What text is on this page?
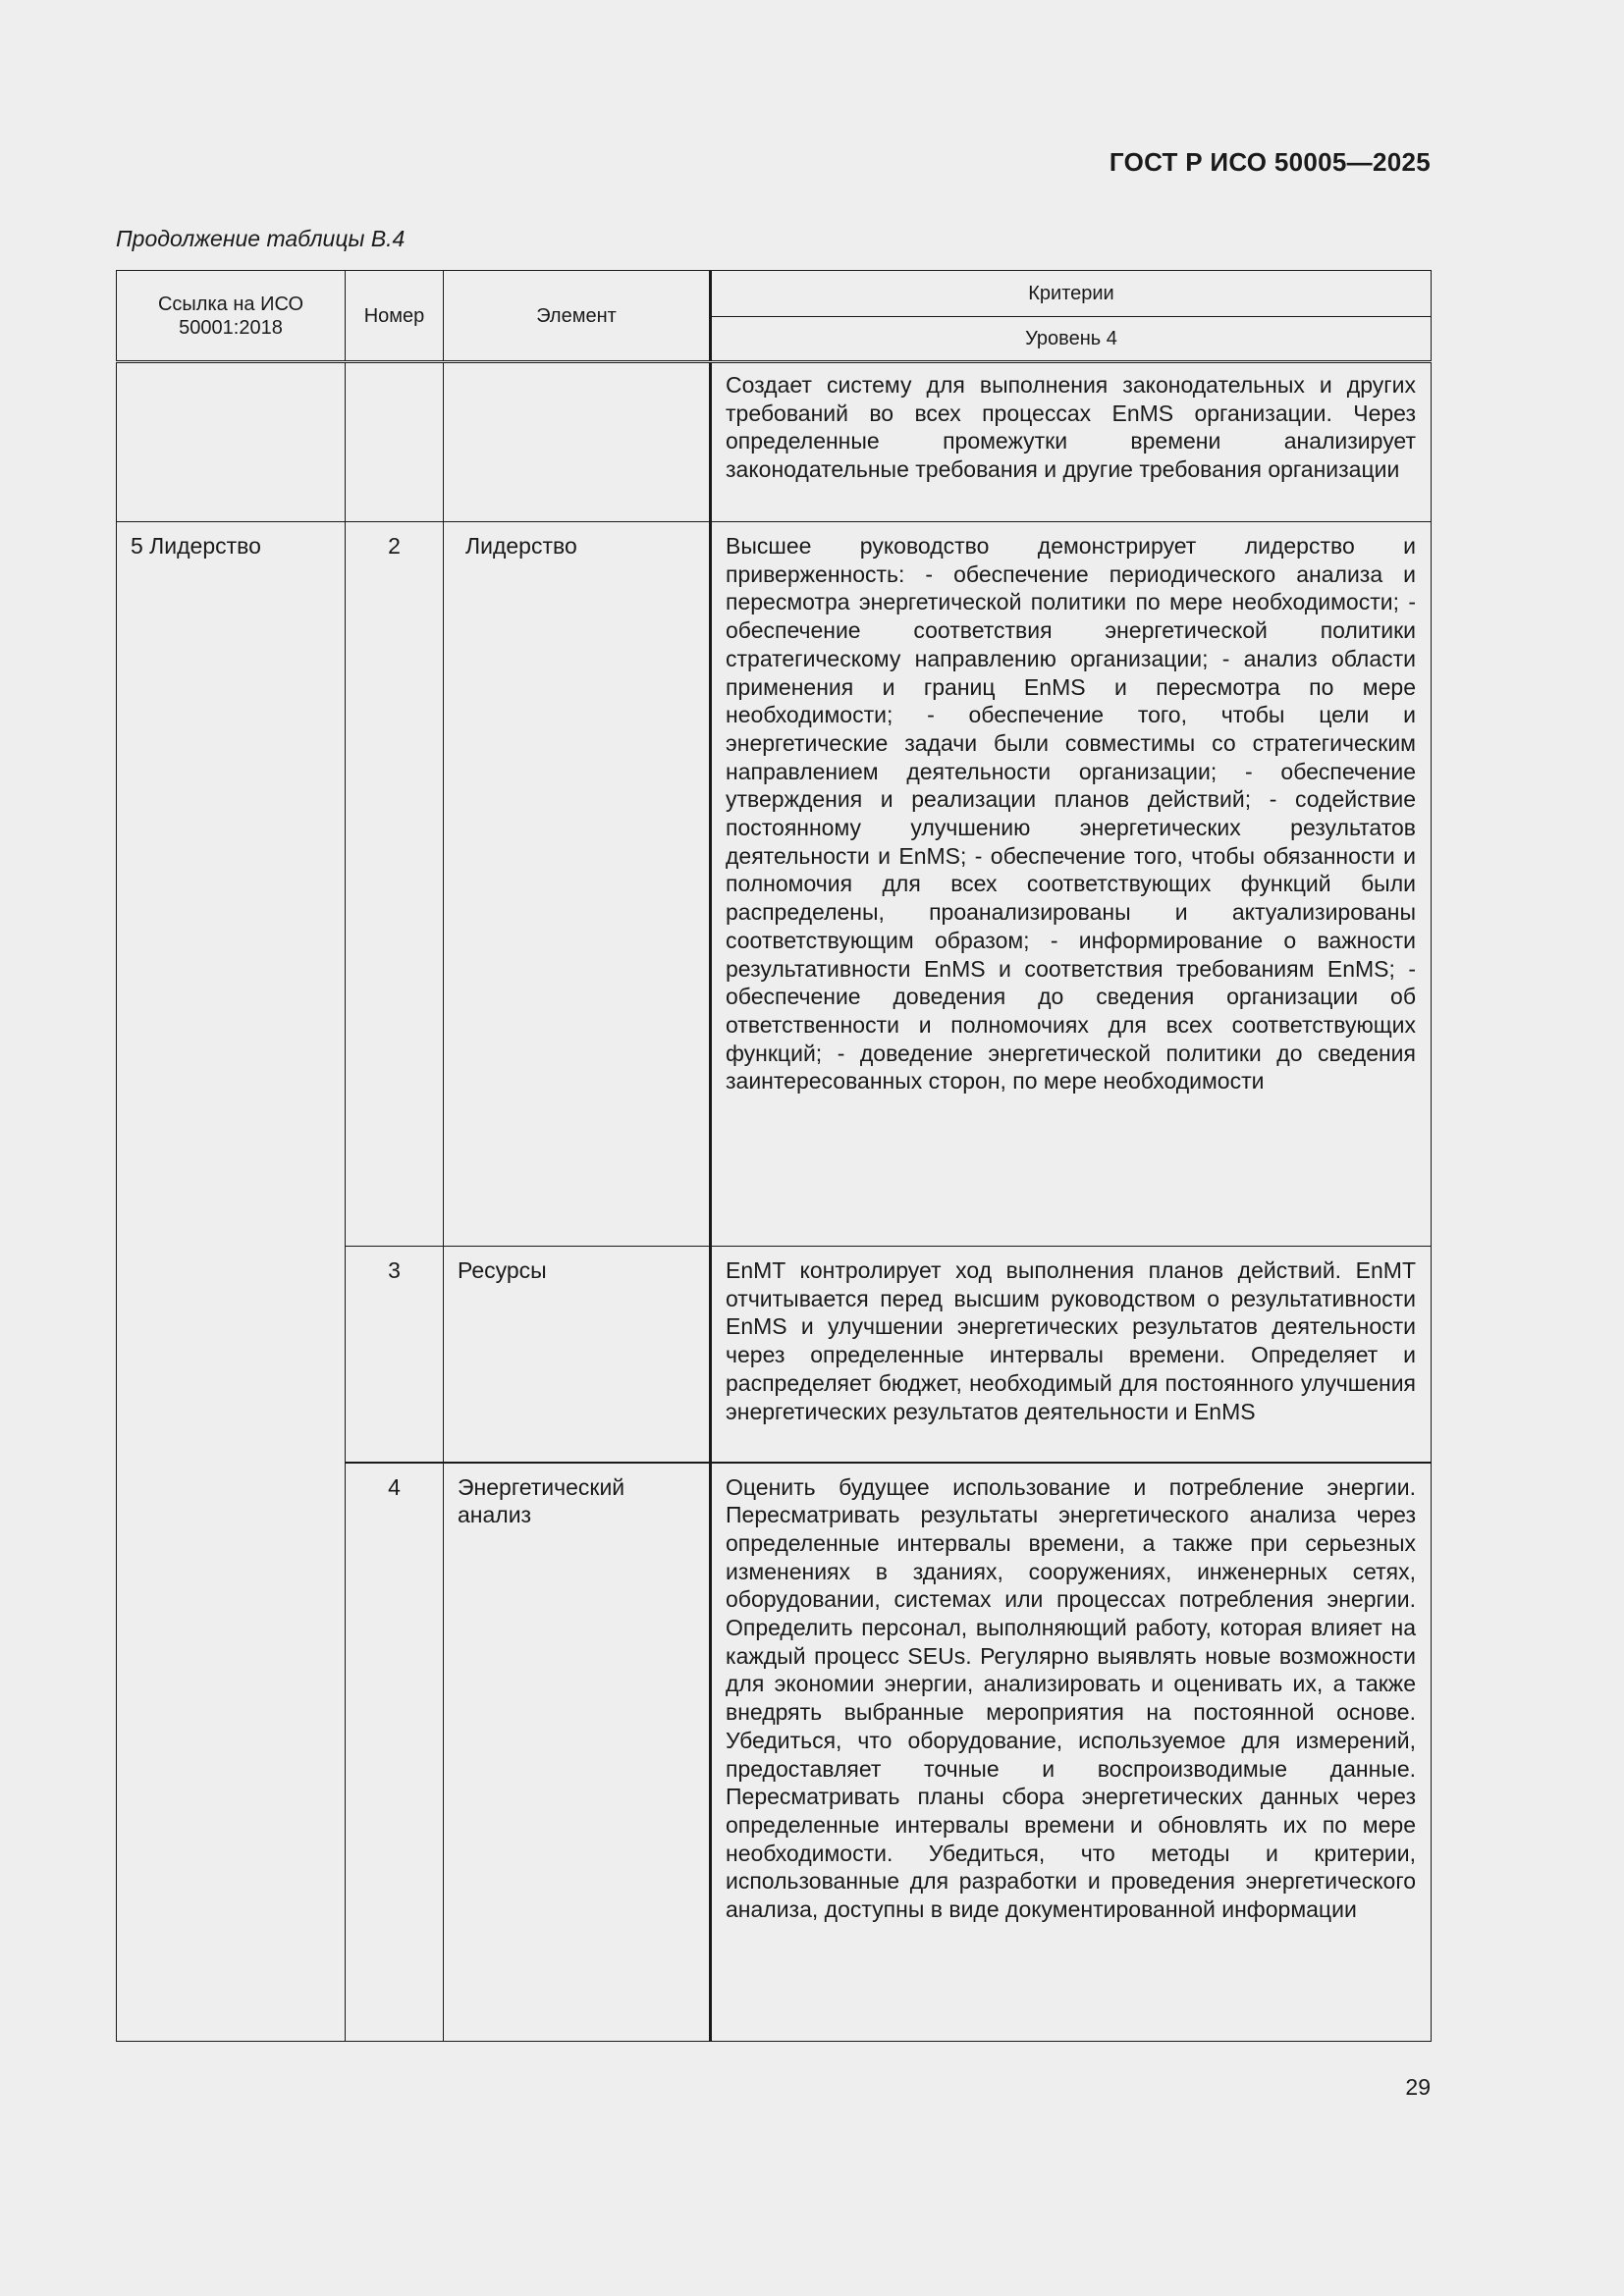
ГОСТ Р ИСО 50005—2025
Продолжение таблицы В.4
Ссылка на ИСО 50001:2018	Номер	Элемент	Критерии
			Уровень 4
			Создает систему для выполнения законодательных и других требований во всех процессах EnMS организации. Через определенные промежутки времени анализирует законодательные требования и другие требования организации
5 Лидерство	2	Лидерство	Высшее руководство демонстрирует лидерство и приверженность: - обеспечение периодического анализа и пересмотра энергетической политики по мере необходимости; - обеспечение соответствия энергетической политики стратегическому направлению организации; - анализ области применения и границ EnMS и пересмотра по мере необходимости; - обеспечение того, чтобы цели и энергетические задачи были совместимы со стратегическим направлением деятельности организации; - обеспечение утверждения и реализации планов действий; - содействие постоянному улучшению энергетических результатов деятельности и EnMS; - обеспечение того, чтобы обязанности и полномочия для всех соответствующих функций были распределены, проанализированы и актуализированы соответствующим образом; - информирование о важности результативности EnMS и соответствия требованиям EnMS; - обеспечение доведения до сведения организации об ответственности и полномочиях для всех соответствующих функций; - доведение энергетической политики до сведения заинтересованных сторон, по мере необходимости
	3	Ресурсы	EnMT контролирует ход выполнения планов действий. EnMT отчитывается перед высшим руководством о результативности EnMS и улучшении энергетических результатов деятельности через определенные интервалы времени. Определяет и распределяет бюджет, необходимый для постоянного улучшения энергетических результатов деятельности и EnMS
	4	Энергетический анализ	Оценить будущее использование и потребление энергии. Пересматривать результаты энергетического анализа через определенные интервалы времени, а также при серьезных изменениях в зданиях, сооружениях, инженерных сетях, оборудовании, системах или процессах потребления энергии. Определить персонал, выполняющий работу, которая влияет на каждый процесс SEUs. Регулярно выявлять новые возможности для экономии энергии, анализировать и оценивать их, а также внедрять выбранные мероприятия на постоянной основе. Убедиться, что оборудование, используемое для измерений, предоставляет точные и воспроизводимые данные. Пересматривать планы сбора энергетических данных через определенные интервалы времени и обновлять их по мере необходимости. Убедиться, что методы и критерии, использованные для разработки и проведения энергетического анализа, доступны в виде документированной информации
29
